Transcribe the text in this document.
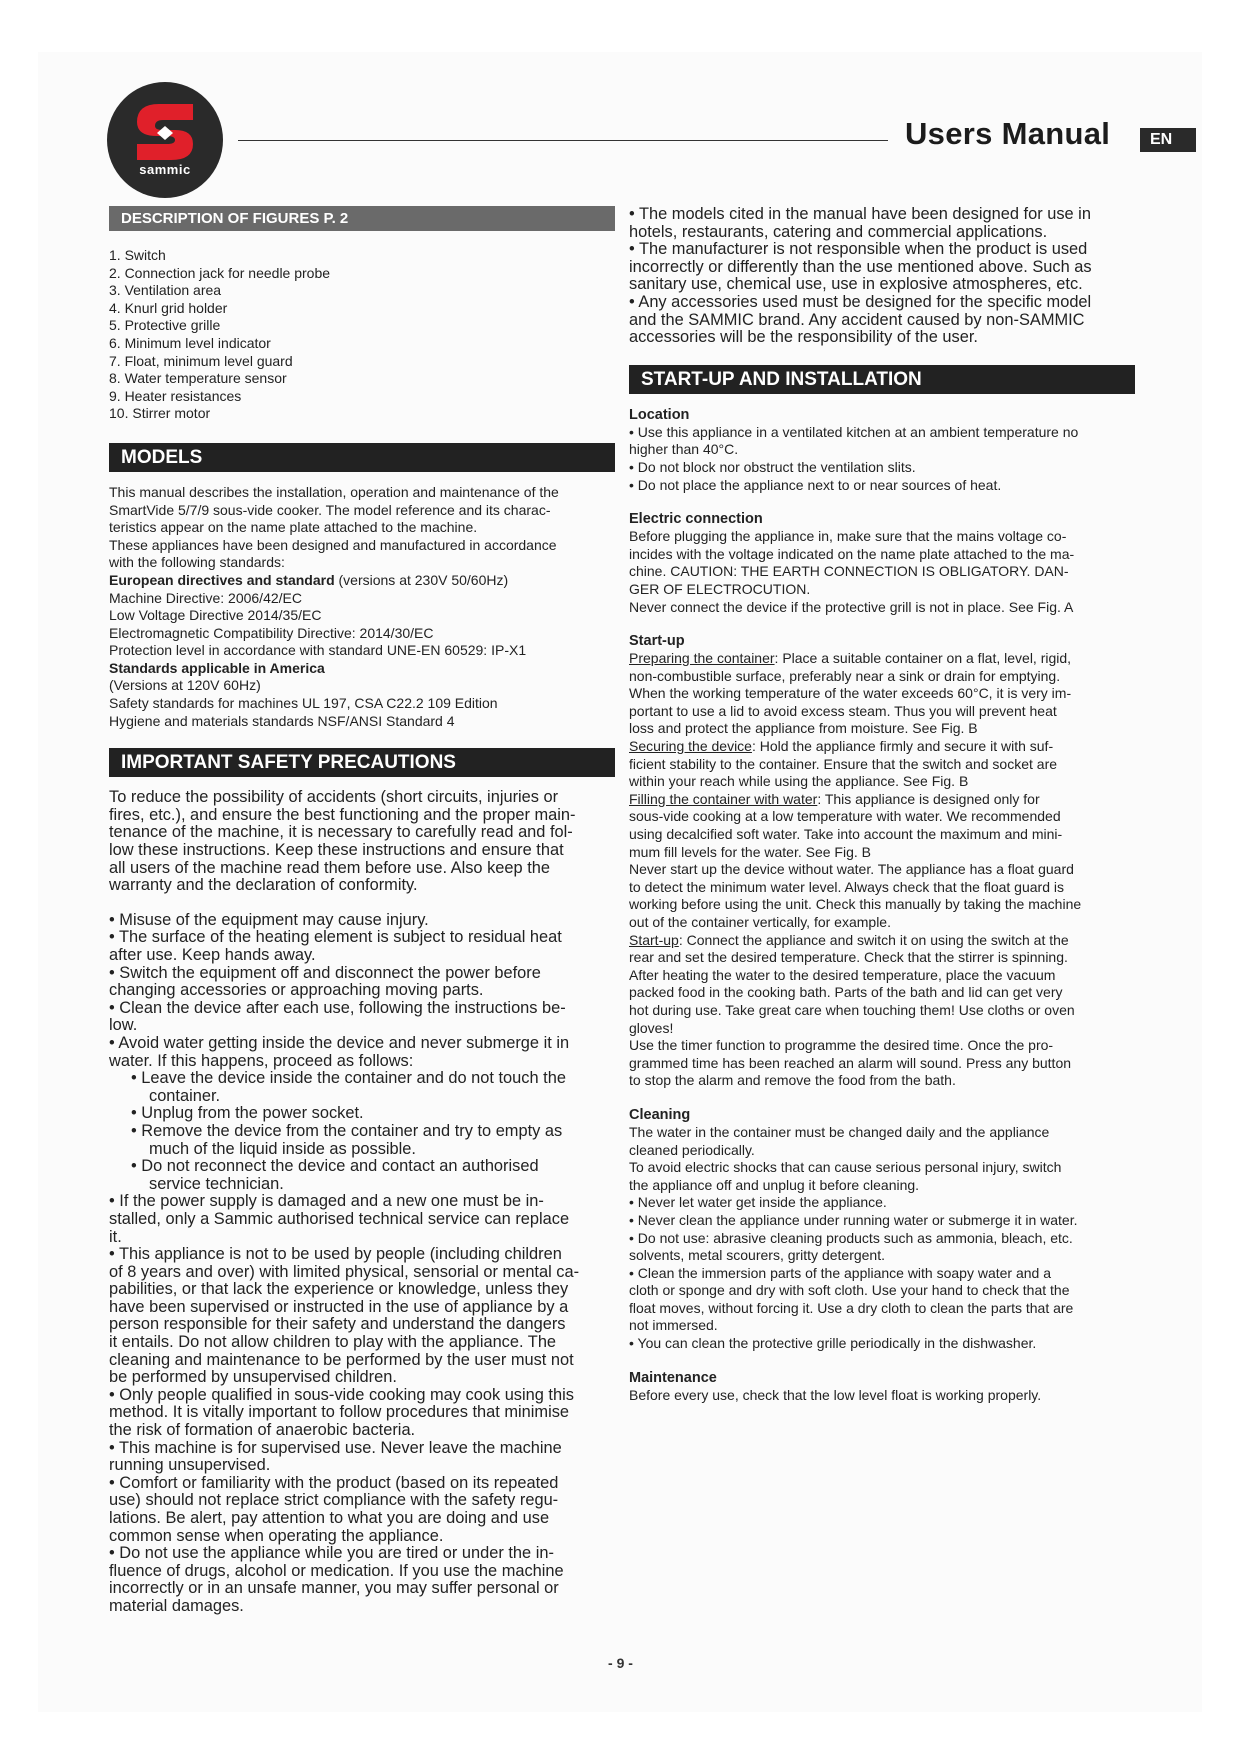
sammic
Users Manual	EN
DESCRIPTION OF FIGURES P. 2
1. Switch
2. Connection jack for needle probe
3. Ventilation area
4. Knurl grid holder
5. Protective grille
6. Minimum level indicator
7. Float, minimum level guard
8. Water temperature sensor
9. Heater resistances
10. Stirrer motor
MODELS
This manual describes the installation, operation and maintenance of the
SmartVide 5/7/9 sous-vide cooker. The model reference and its charac-
teristics appear on the name plate attached to the machine.
These appliances have been designed and manufactured in accordance
with the following standards:
European directives and standard (versions at 230V 50/60Hz)
Machine Directive: 2006/42/EC
Low Voltage Directive 2014/35/EC
Electromagnetic Compatibility Directive: 2014/30/EC
Protection level in accordance with standard UNE-EN 60529: IP-X1
Standards applicable in America
(Versions at 120V 60Hz)
Safety standards for machines UL 197, CSA C22.2 109 Edition
Hygiene and materials standards NSF/ANSI Standard 4
IMPORTANT SAFETY PRECAUTIONS
To reduce the possibility of accidents (short circuits, injuries or
fires, etc.), and ensure the best functioning and the proper main-
tenance of the machine, it is necessary to carefully read and fol-
low these instructions. Keep these instructions and ensure that
all users of the machine read them before use. Also keep the
warranty and the declaration of conformity.
• Misuse of the equipment may cause injury.
• The surface of the heating element is subject to residual heat
after use. Keep hands away.
• Switch the equipment off and disconnect the power before
changing accessories or approaching moving parts.
• Clean the device after each use, following the instructions be-
low.
• Avoid water getting inside the device and never submerge it in
water. If this happens, proceed as follows:
• Leave the device inside the container and do not touch the
container.
• Unplug from the power socket.
• Remove the device from the container and try to empty as
much of the liquid inside as possible.
• Do not reconnect the device and contact an authorised
service technician.
• If the power supply is damaged and a new one must be in-
stalled, only a Sammic authorised technical service can replace
it.
• This appliance is not to be used by people (including children
of 8 years and over) with limited physical, sensorial or mental ca-
pabilities, or that lack the experience or knowledge, unless they
have been supervised or instructed in the use of appliance by a
person responsible for their safety and understand the dangers
it entails. Do not allow children to play with the appliance. The
cleaning and maintenance to be performed by the user must not
be performed by unsupervised children.
• Only people qualified in sous-vide cooking may cook using this
method. It is vitally important to follow procedures that minimise
the risk of formation of anaerobic bacteria.
• This machine is for supervised use. Never leave the machine
running unsupervised.
• Comfort or familiarity with the product (based on its repeated
use) should not replace strict compliance with the safety regu-
lations. Be alert, pay attention to what you are doing and use
common sense when operating the appliance.
• Do not use the appliance while you are tired or under the in-
fluence of drugs, alcohol or medication. If you use the machine
incorrectly or in an unsafe manner, you may suffer personal or
material damages.
• The models cited in the manual have been designed for use in
hotels, restaurants, catering and commercial applications.
• The manufacturer is not responsible when the product is used
incorrectly or differently than the use mentioned above. Such as
sanitary use, chemical use, use in explosive atmospheres, etc.
• Any accessories used must be designed for the specific model
and the SAMMIC brand. Any accident caused by non-SAMMIC
accessories will be the responsibility of the user.
START-UP AND INSTALLATION

Location

• Use this appliance in a ventilated kitchen at an ambient temperature no
higher than 40°C.
• Do not block nor obstruct the ventilation slits.
• Do not place the appliance next to or near sources of heat.

Electric connection

Before plugging the appliance in, make sure that the mains voltage co-
incides with the voltage indicated on the name plate attached to the ma-
chine. CAUTION: THE EARTH CONNECTION IS OBLIGATORY. DAN-
GER OF ELECTROCUTION.
Never connect the device if the protective grill is not in place. See Fig. A

Start-up

Preparing the container: Place a suitable container on a flat, level, rigid,
non-combustible surface, preferably near a sink or drain for emptying.
When the working temperature of the water exceeds 60°C, it is very im-
portant to use a lid to avoid excess steam. Thus you will prevent heat
loss and protect the appliance from moisture. See Fig. B
Securing the device: Hold the appliance firmly and secure it with suf-
ficient stability to the container. Ensure that the switch and socket are
within your reach while using the appliance. See Fig. B
Filling the container with water: This appliance is designed only for
sous-vide cooking at a low temperature with water. We recommended
using decalcified soft water. Take into account the maximum and mini-
mum fill levels for the water. See Fig. B
Never start up the device without water. The appliance has a float guard
to detect the minimum water level. Always check that the float guard is
working before using the unit. Check this manually by taking the machine
out of the container vertically, for example.
Start-up: Connect the appliance and switch it on using the switch at the
rear and set the desired temperature. Check that the stirrer is spinning.
After heating the water to the desired temperature, place the vacuum
packed food in the cooking bath. Parts of the bath and lid can get very
hot during use. Take great care when touching them! Use cloths or oven
gloves!
Use the timer function to programme the desired time. Once the pro-
grammed time has been reached an alarm will sound. Press any button
to stop the alarm and remove the food from the bath.

Cleaning

The water in the container must be changed daily and the appliance
cleaned periodically.
To avoid electric shocks that can cause serious personal injury, switch
the appliance off and unplug it before cleaning.
• Never let water get inside the appliance.
• Never clean the appliance under running water or submerge it in water.
• Do not use: abrasive cleaning products such as ammonia, bleach, etc.
solvents, metal scourers, gritty detergent.
• Clean the immersion parts of the appliance with soapy water and a
cloth or sponge and dry with soft cloth. Use your hand to check that the
float moves, without forcing it. Use a dry cloth to clean the parts that are
not immersed.
• You can clean the protective grille periodically in the dishwasher.

Maintenance

Before every use, check that the low level float is working properly.
- 9 -
